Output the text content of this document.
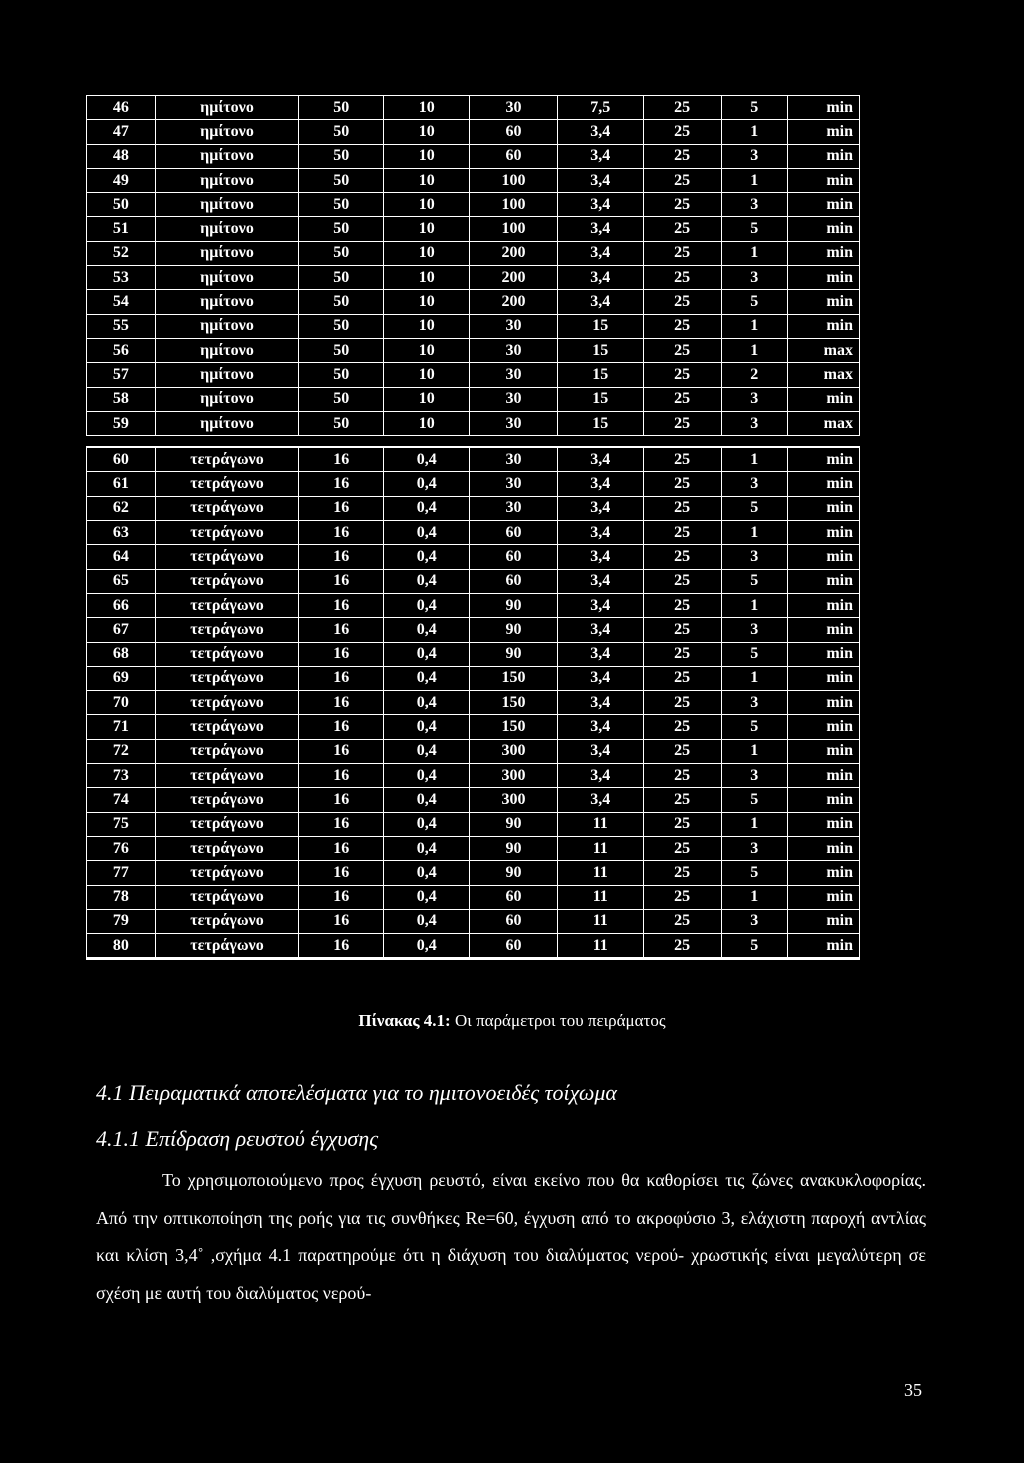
46	ημίτονο	50	10	30	7,5	25	5	min
47	ημίτονο	50	10	60	3,4	25	1	min
48	ημίτονο	50	10	60	3,4	25	3	min
49	ημίτονο	50	10	100	3,4	25	1	min
50	ημίτονο	50	10	100	3,4	25	3	min
51	ημίτονο	50	10	100	3,4	25	5	min
52	ημίτονο	50	10	200	3,4	25	1	min
53	ημίτονο	50	10	200	3,4	25	3	min
54	ημίτονο	50	10	200	3,4	25	5	min
55	ημίτονο	50	10	30	15	25	1	min
56	ημίτονο	50	10	30	15	25	1	max
57	ημίτονο	50	10	30	15	25	2	max
58	ημίτονο	50	10	30	15	25	3	min
59	ημίτονο	50	10	30	15	25	3	max

60	τετράγωνο	16	0,4	30	3,4	25	1	min
61	τετράγωνο	16	0,4	30	3,4	25	3	min
62	τετράγωνο	16	0,4	30	3,4	25	5	min
63	τετράγωνο	16	0,4	60	3,4	25	1	min
64	τετράγωνο	16	0,4	60	3,4	25	3	min
65	τετράγωνο	16	0,4	60	3,4	25	5	min
66	τετράγωνο	16	0,4	90	3,4	25	1	min
67	τετράγωνο	16	0,4	90	3,4	25	3	min
68	τετράγωνο	16	0,4	90	3,4	25	5	min
69	τετράγωνο	16	0,4	150	3,4	25	1	min
70	τετράγωνο	16	0,4	150	3,4	25	3	min
71	τετράγωνο	16	0,4	150	3,4	25	5	min
72	τετράγωνο	16	0,4	300	3,4	25	1	min
73	τετράγωνο	16	0,4	300	3,4	25	3	min
74	τετράγωνο	16	0,4	300	3,4	25	5	min
75	τετράγωνο	16	0,4	90	11	25	1	min
76	τετράγωνο	16	0,4	90	11	25	3	min
77	τετράγωνο	16	0,4	90	11	25	5	min
78	τετράγωνο	16	0,4	60	11	25	1	min
79	τετράγωνο	16	0,4	60	11	25	3	min
80	τετράγωνο	16	0,4	60	11	25	5	min
Πίνακας 4.1: Οι παράμετροι του πειράματος
4.1 Πειραματικά αποτελέσματα για το ημιτονοειδές τοίχωμα
4.1.1 Επίδραση ρευστού έγχυσης

Το χρησιμοποιούμενο προς έγχυση ρευστό, είναι εκείνο που θα καθορίσει τις ζώνες ανακυκλοφορίας. Από την οπτικοποίηση της ροής για τις συνθήκες Re=60, έγχυση από το ακροφύσιο 3, ελάχιστη παροχή αντλίας και κλίση 3,4˚ ,σχήμα 4.1 παρατηρούμε ότι η διάχυση του διαλύματος νερού- χρωστικής είναι μεγαλύτερη σε σχέση με αυτή του διαλύματος νερού-

35
